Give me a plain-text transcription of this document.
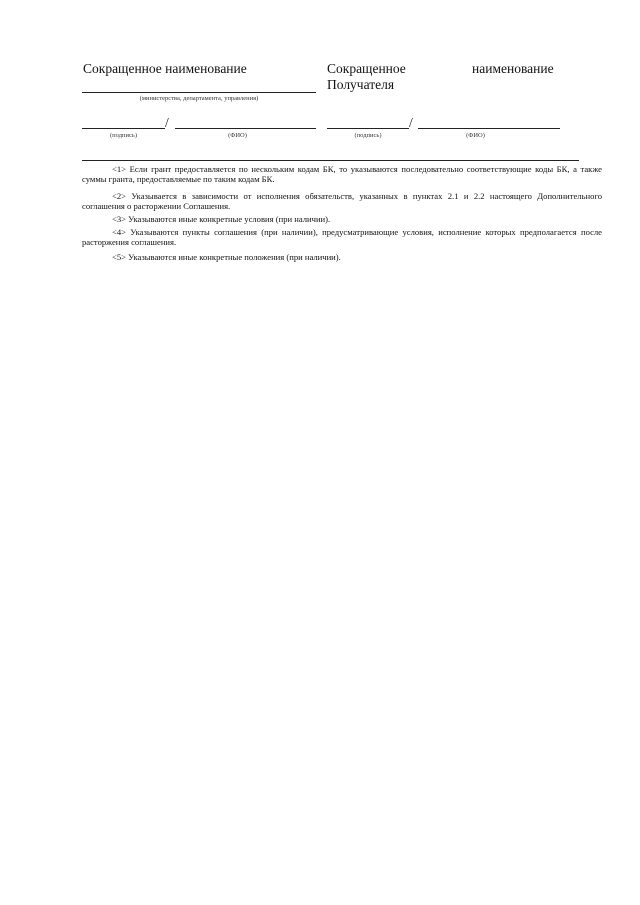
Сокращенное наименование
(министерства, департамента, управления)
Сокращенное	наименование
Получателя
/
(подпись)	(ФИО)
/
(подпись)	(ФИО)

<1> Если грант предоставляется по нескольким кодам БК, то указываются последовательно соответствующие коды БК, а также суммы гранта, предоставляемые по таким кодам БК.

<2> Указывается в зависимости от исполнения обязательств, указанных в пунктах 2.1 и 2.2 настоящего Дополнительного соглашения о расторжении Соглашения.

<3> Указываются иные конкретные условия (при наличии).

<4> Указываются пункты соглашения (при наличии), предусматривающие условия, исполнение которых предполагается после расторжения соглашения.

<5> Указываются иные конкретные положения (при наличии).
